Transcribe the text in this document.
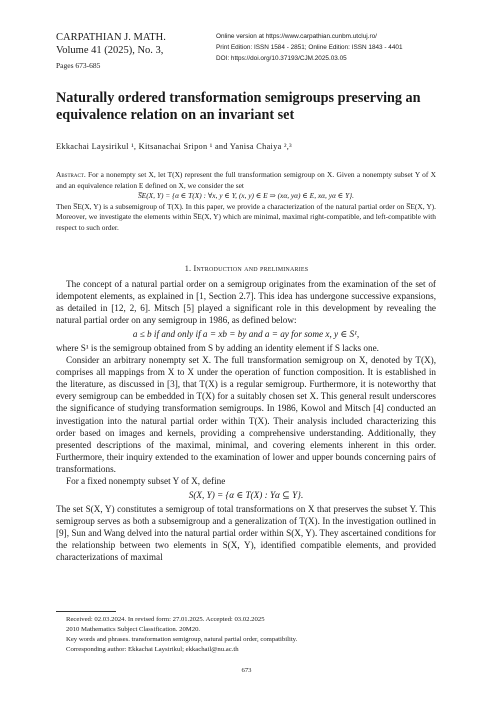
CARPATHIAN J. MATH.
Volume 41 (2025), No. 3,
Pages 673-685
Online version at https://www.carpathian.cunbm.utcluj.ro/
Print Edition: ISSN 1584 - 2851; Online Edition: ISSN 1843 - 4401
DOI: https://doi.org/10.37193/CJM.2025.03.05
Naturally ordered transformation semigroups preserving an equivalence relation on an invariant set
Ekkachai Laysirikul ¹, Kitsanachai Sripon ¹ and Yanisa Chaiya ²,³
Abstract. For a nonempty set X, let T(X) represent the full transformation semigroup on X. Given a nonempty subset Y of X and an equivalence relation E defined on X, we consider the set
S̅E(X, Y) = {α ∈ T(X) : ∀x, y ∈ Y, (x, y) ∈ E ⇒ (xα, yα) ∈ E, xα, yα ∈ Y}.
Then S̅E(X, Y) is a subsemigroup of T(X). In this paper, we provide a characterization of the natural partial order on S̅E(X, Y). Moreover, we investigate the elements within S̅E(X, Y) which are minimal, maximal right-compatible, and left-compatible with respect to such order.
1. Introduction and preliminaries

The concept of a natural partial order on a semigroup originates from the examination of the set of idempotent elements, as explained in [1, Section 2.7]. This idea has undergone successive expansions, as detailed in [12, 2, 6]. Mitsch [5] played a significant role in this development by revealing the natural partial order on any semigroup in 1986, as defined below:

a ≤ b if and only if a = xb = by and a = ay for some x, y ∈ S¹,

where S¹ is the semigroup obtained from S by adding an identity element if S lacks one.

Consider an arbitrary nonempty set X. The full transformation semigroup on X, denoted by T(X), comprises all mappings from X to X under the operation of function composition. It is established in the literature, as discussed in [3], that T(X) is a regular semigroup. Furthermore, it is noteworthy that every semigroup can be embedded in T(X) for a suitably chosen set X. This general result underscores the significance of studying transformation semigroups. In 1986, Kowol and Mitsch [4] conducted an investigation into the natural partial order within T(X). Their analysis included characterizing this order based on images and kernels, providing a comprehensive understanding. Additionally, they presented descriptions of the maximal, minimal, and covering elements inherent in this order. Furthermore, their inquiry extended to the examination of lower and upper bounds concerning pairs of transformations.

For a fixed nonempty subset Y of X, define

S(X, Y) = {α ∈ T(X) : Yα ⊆ Y}.

The set S(X, Y) constitutes a semigroup of total transformations on X that preserves the subset Y. This semigroup serves as both a subsemigroup and a generalization of T(X). In the investigation outlined in [9], Sun and Wang delved into the natural partial order within S(X, Y). They ascertained conditions for the relationship between two elements in S(X, Y), identified compatible elements, and provided characterizations of maximal

Received: 02.03.2024. In revised form: 27.01.2025. Accepted: 03.02.2025
2010 Mathematics Subject Classification. 20M20.
Key words and phrases. transformation semigroup, natural partial order, compatibility.
Corresponding author: Ekkachai Laysirikul; ekkachail@nu.ac.th
673
